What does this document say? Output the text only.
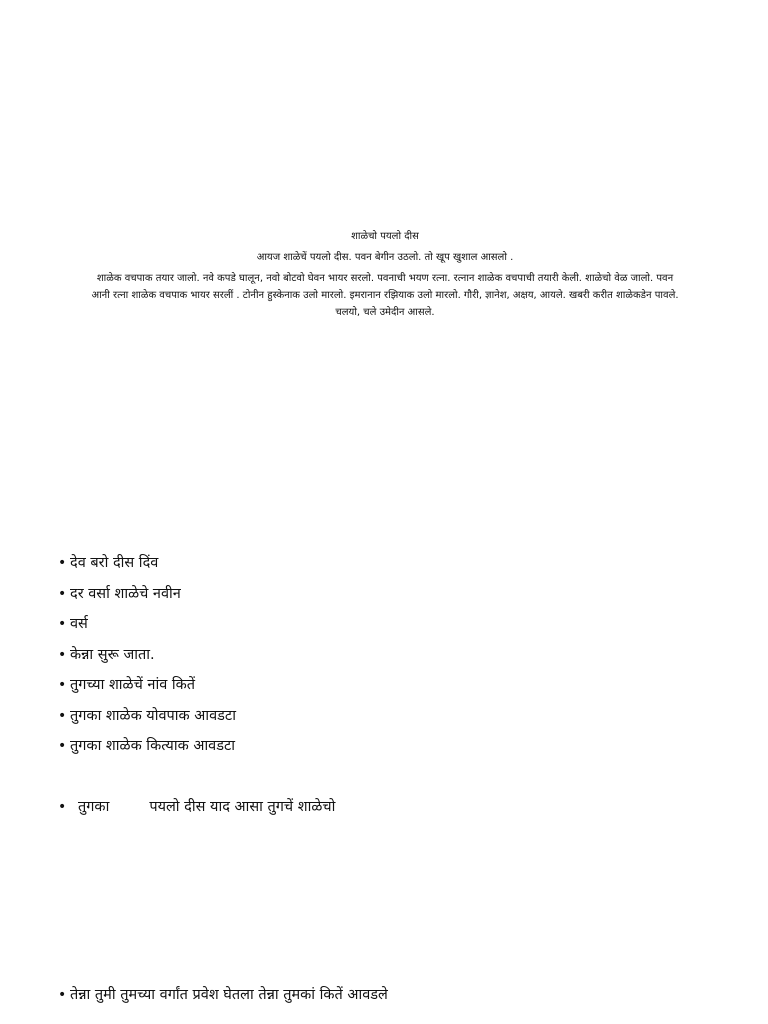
शाळेचो पयलो दीस

आयज शाळेचें पयलो दीस. पवन बेगीन उठलो. तो खूप खुशाल आसलो .

शाळेक वचपाक तयार जालो. नवे कपडे घालून, नवो बोटवो घेवन भायर सरलो. पवनाची भयण रत्ना. रत्नान शाळेक वचपाची तयारी केली. शाळेचो वेळ जालो. पवन आनी रत्ना शाळेक वचपाक भायर सरलीं . टोनीन हुस्केनाक उलो मारलो. इमरानान रझियाक उलो मारलो. गौरी, ज्ञानेश, अक्षय, आयले. खबरी करीत शाळेकडेन पावले. चलयो, चले उमेदीन आसले.

• देव बरो दीस दिंव
• दर वर्सा शाळेचे नवीन
• वर्स
• केन्ना सुरू जाता.
• तुगच्या शाळेचें नांव कितें
• तुगका शाळेक योवपाक आवडटा
• तुगका शाळेक कित्याक आवडटा
• तुगका	पयलो दीस याद आसा तुगचें शाळेचो
• तेन्ना तुमी तुमच्या वर्गांत प्रवेश घेतला तेन्ना तुमकां कितें आवडले
